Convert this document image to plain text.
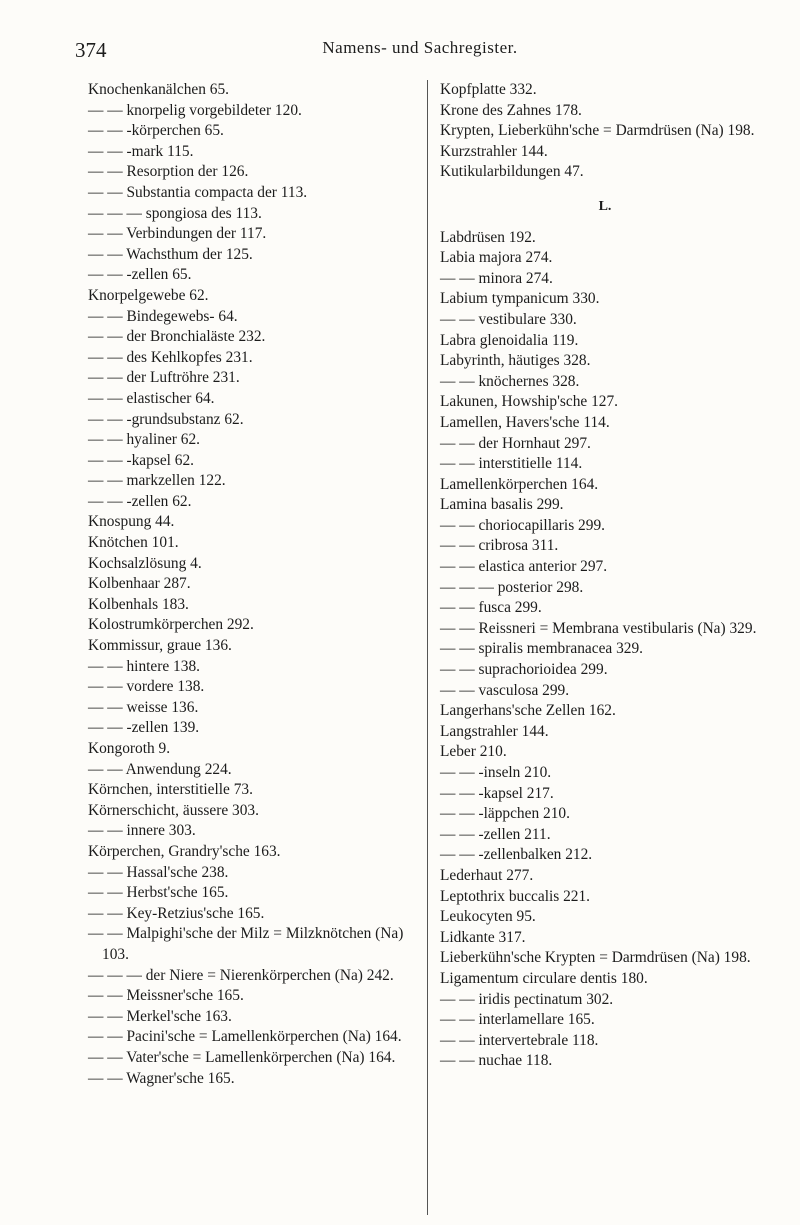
374	Namens- und Sachregister.
Knochenkanälchen 65.
— — knorpelig vorgebildeter 120.
— — -körperchen 65.
— — -mark 115.
— — Resorption der 126.
— — Substantia compacta der 113.
— — — spongiosa des 113.
— — Verbindungen der 117.
— — Wachsthum der 125.
— — -zellen 65.
Knorpelgewebe 62.
— — Bindegewebs- 64.
— — der Bronchialäste 232.
— — des Kehlkopfes 231.
— — der Luftröhre 231.
— — elastischer 64.
— — -grundsubstanz 62.
— — hyaliner 62.
— — -kapsel 62.
— — markzellen 122.
— — -zellen 62.
Knospung 44.
Knötchen 101.
Kochsalzlösung 4.
Kolbenhaar 287.
Kolbenhals 183.
Kolostrumkörperchen 292.
Kommissur, graue 136.
— — hintere 138.
— — vordere 138.
— — weisse 136.
— — -zellen 139.
Kongoroth 9.
— — Anwendung 224.
Körnchen, interstitielle 73.
Körnerschicht, äussere 303.
— — innere 303.
Körperchen, Grandry'sche 163.
— — Hassal'sche 238.
— — Herbst'sche 165.
— — Key-Retzius'sche 165.
— — Malpighi'sche der Milz = Milzknötchen (Na) 103.
— — — der Niere = Nierenkörperchen (Na) 242.
— — Meissner'sche 165.
— — Merkel'sche 163.
— — Pacini'sche = Lamellenkörperchen (Na) 164.
— — Vater'sche = Lamellenkörperchen (Na) 164.
— — Wagner'sche 165.
Kopfplatte 332.
Krone des Zahnes 178.
Krypten, Lieberkühn'sche = Darmdrüsen (Na) 198.
Kurzstrahler 144.
Kutikularbildungen 47.
L.
Labdrüsen 192.
Labia majora 274.
— — minora 274.
Labium tympanicum 330.
— — vestibulare 330.
Labra glenoidalia 119.
Labyrinth, häutiges 328.
— — knöchernes 328.
Lakunen, Howship'sche 127.
Lamellen, Havers'sche 114.
— — der Hornhaut 297.
— — interstitielle 114.
Lamellenkörperchen 164.
Lamina basalis 299.
— — choriocapillaris 299.
— — cribrosa 311.
— — elastica anterior 297.
— — — posterior 298.
— — fusca 299.
— — Reissneri = Membrana vestibularis (Na) 329.
— — spiralis membranacea 329.
— — suprachorioidea 299.
— — vasculosa 299.
Langerhans'sche Zellen 162.
Langstrahler 144.
Leber 210.
— — -inseln 210.
— — -kapsel 217.
— — -läppchen 210.
— — -zellen 211.
— — -zellenbalken 212.
Lederhaut 277.
Leptothrix buccalis 221.
Leukocyten 95.
Lidkante 317.
Lieberkühn'sche Krypten = Darmdrüsen (Na) 198.
Ligamentum circulare dentis 180.
— — iridis pectinatum 302.
— — interlamellare 165.
— — intervertebrale 118.
— — nuchae 118.
